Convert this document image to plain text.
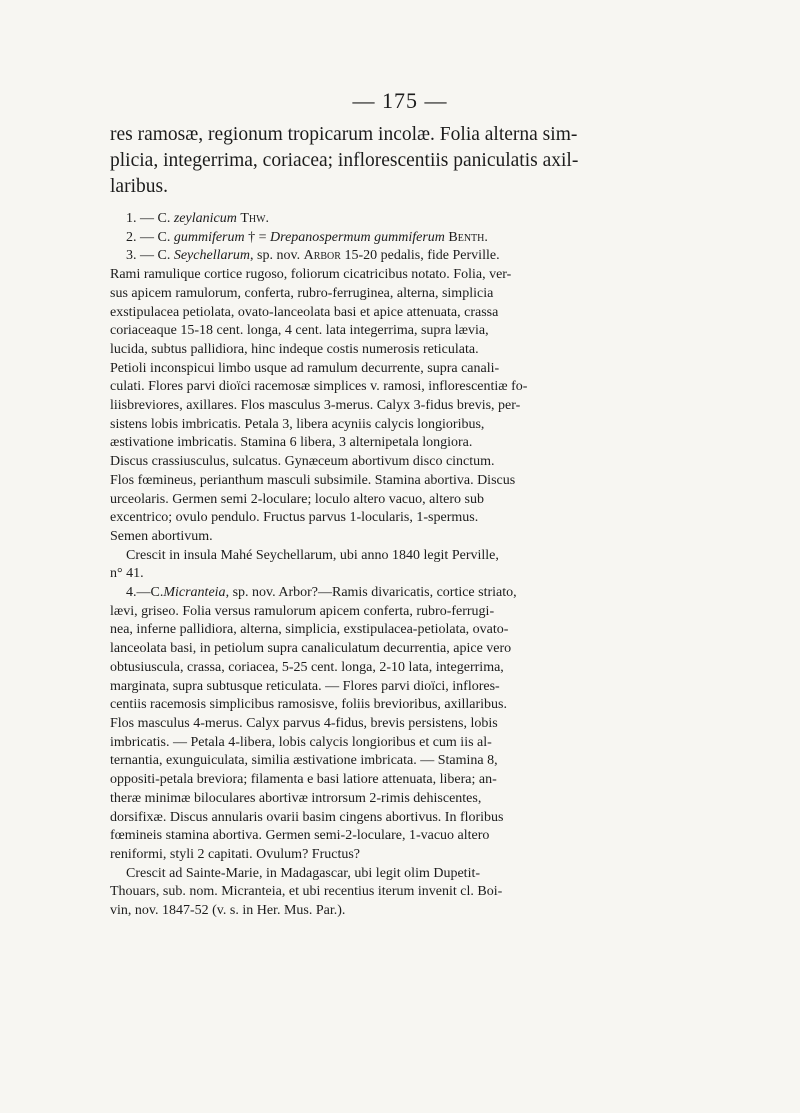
— 175 —
res ramosæ, regionum tropicarum incolæ. Folia alterna sim-
plicia, integerrima, coriacea; inflorescentiis paniculatis axil-
laribus.
1. — C. zeylanicum Thw.
2. — C. gummiferum † = Drepanospermum gummiferum Benth.
3. — C. Seychellarum, sp. nov. Arbor 15-20 pedalis, fide Perville.
Rami ramulique cortice rugoso, foliorum cicatricibus notato. Folia, ver-
sus apicem ramulorum, conferta, rubro-ferruginea, alterna, simplicia
exstipulacea petiolata, ovato-lanceolata basi et apice attenuata, crassa
coriaceaque 15-18 cent. longa, 4 cent. lata integerrima, supra lævia,
lucida, subtus pallidiora, hinc indeque costis numerosis reticulata.
Petioli inconspicui limbo usque ad ramulum decurrente, supra canali-
culati. Flores parvi dioïci racemosæ simplices v. ramosi, inflorescentiæ fo-
liisbreviores, axillares. Flos masculus 3-merus. Calyx 3-fidus brevis, per-
sistens lobis imbricatis. Petala 3, libera acyniis calycis longioribus,
æstivatione imbricatis. Stamina 6 libera, 3 alternipetala longiora.
Discus crassiusculus, sulcatus. Gynæceum abortivum disco cinctum.
Flos fœmineus, perianthum masculi subsimile. Stamina abortiva. Discus
urceolaris. Germen semi 2-loculare; loculo altero vacuo, altero sub
excentrico; ovulo pendulo. Fructus parvus 1-locularis, 1-spermus.
Semen abortivum.
Crescit in insula Mahé Seychellarum, ubi anno 1840 legit Perville,
n° 41.
4.—C.Micranteia, sp. nov. Arbor?—Ramis divaricatis, cortice striato,
lævi, griseo. Folia versus ramulorum apicem conferta, rubro-ferrugi-
nea, inferne pallidiora, alterna, simplicia, exstipulacea-petiolata, ovato-
lanceolata basi, in petiolum supra canaliculatum decurrentia, apice vero
obtusiuscula, crassa, coriacea, 5-25 cent. longa, 2-10 lata, integerrima,
marginata, supra subtusque reticulata. — Flores parvi dioïci, inflores-
centiis racemosis simplicibus ramosisve, foliis brevioribus, axillaribus.
Flos masculus 4-merus. Calyx parvus 4-fidus, brevis persistens, lobis
imbricatis. — Petala 4-libera, lobis calycis longioribus et cum iis al-
ternantia, exunguiculata, similia æstivatione imbricata. — Stamina 8,
oppositi-petala breviora; filamenta e basi latiore attenuata, libera; an-
theræ minimæ biloculares abortivæ introrsum 2-rimis dehiscentes,
dorsifixæ. Discus annularis ovarii basim cingens abortivus. In floribus
fœmineis stamina abortiva. Germen semi-2-loculare, 1-vacuo altero
reniformi, styli 2 capitati. Ovulum? Fructus?
Crescit ad Sainte-Marie, in Madagascar, ubi legit olim Dupetit-
Thouars, sub. nom. Micranteia, et ubi recentius iterum invenit cl. Boi-
vin, nov. 1847-52 (v. s. in Her. Mus. Par.).
